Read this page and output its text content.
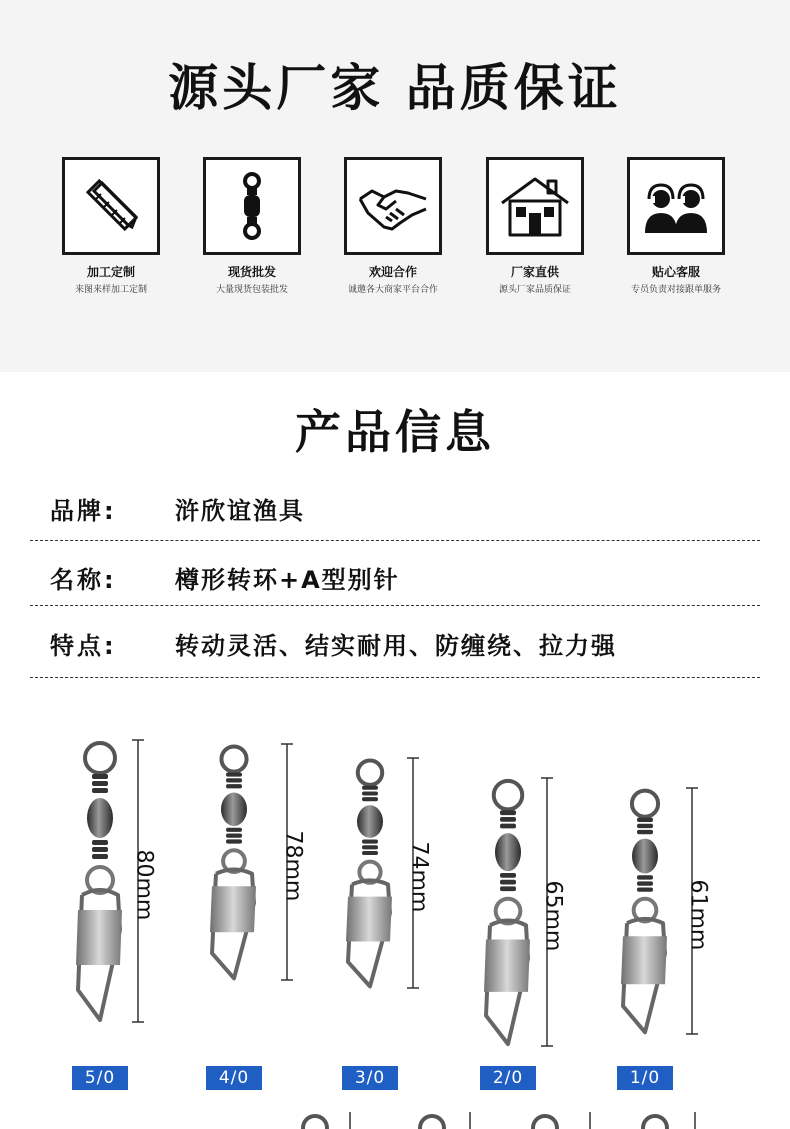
源头厂家 品质保证
加工定制
来图来样加工定制
现货批发
大量现货包装批发
欢迎合作
诚邀各大商家平台合作
厂家直供
源头厂家品质保证
贴心客服
专员负责对接跟单服务
产品信息
品牌: 浒欣谊渔具
名称: 樽形转环+A型别针
特点: 转动灵活、结实耐用、防缠绕、拉力强
80mm
5/0
78mm
4/0
74mm
3/0
65mm
2/0
61mm
1/0
